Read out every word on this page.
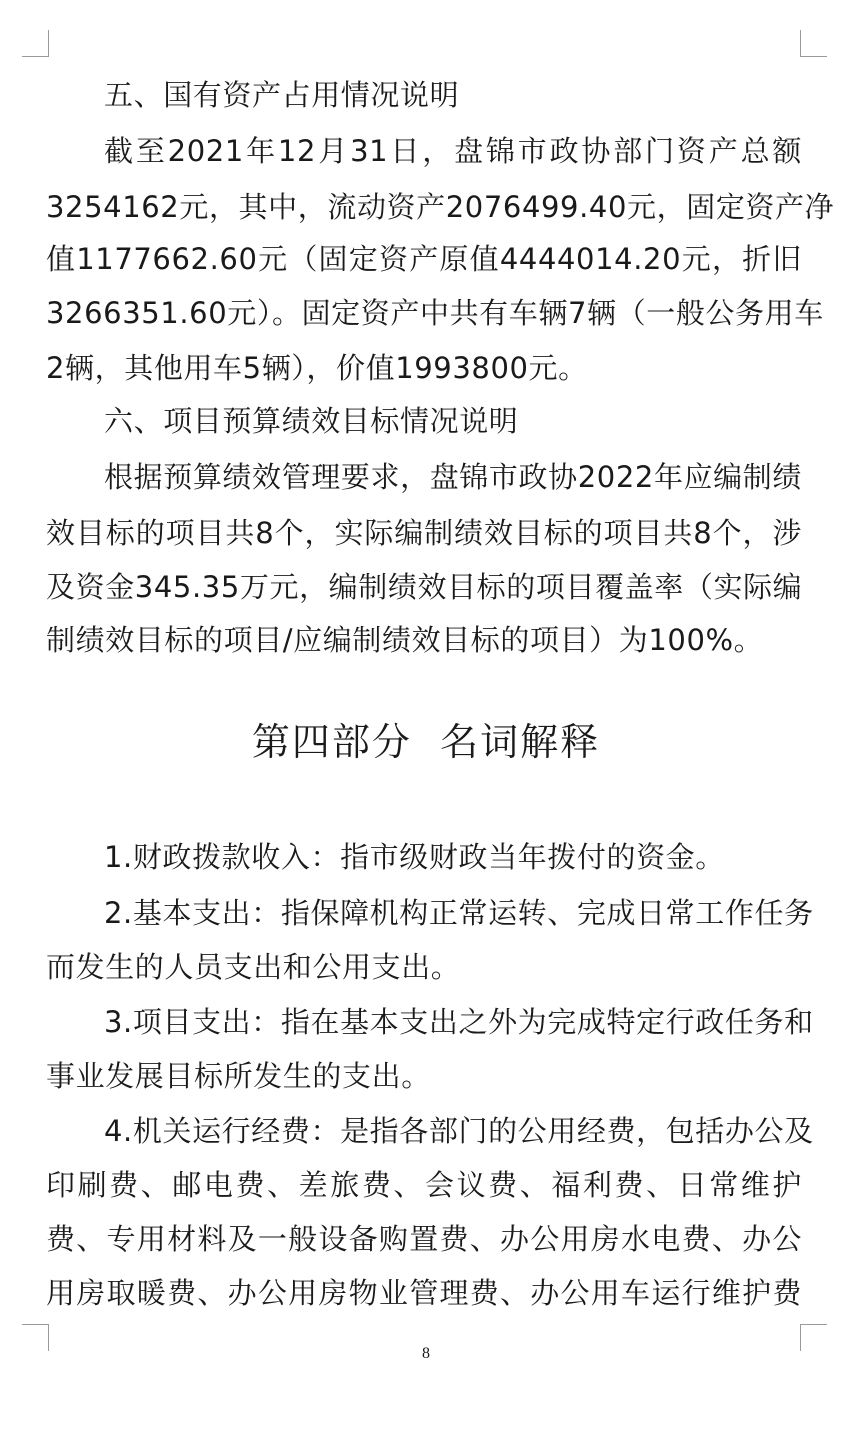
五、国有资产占用情况说明
截至2021年12月31日，盘锦市政协部门资产总额
3254162元，其中，流动资产2076499.40元，固定资产净
值1177662.60元（固定资产原值4444014.20元，折旧
3266351.60元）。固定资产中共有车辆7辆（一般公务用车
2辆，其他用车5辆），价值1993800元。
六、项目预算绩效目标情况说明
根据预算绩效管理要求，盘锦市政协2022年应编制绩
效目标的项目共8个，实际编制绩效目标的项目共8个，涉
及资金345.35万元，编制绩效目标的项目覆盖率（实际编
制绩效目标的项目/应编制绩效目标的项目）为100%。
第四部分  名词解释
1.财政拨款收入：指市级财政当年拨付的资金。
2.基本支出：指保障机构正常运转、完成日常工作任务
而发生的人员支出和公用支出。
3.项目支出：指在基本支出之外为完成特定行政任务和
事业发展目标所发生的支出。
4.机关运行经费：是指各部门的公用经费，包括办公及
印刷费、邮电费、差旅费、会议费、福利费、日常维护
费、专用材料及一般设备购置费、办公用房水电费、办公
用房取暖费、办公用房物业管理费、办公用车运行维护费
8
